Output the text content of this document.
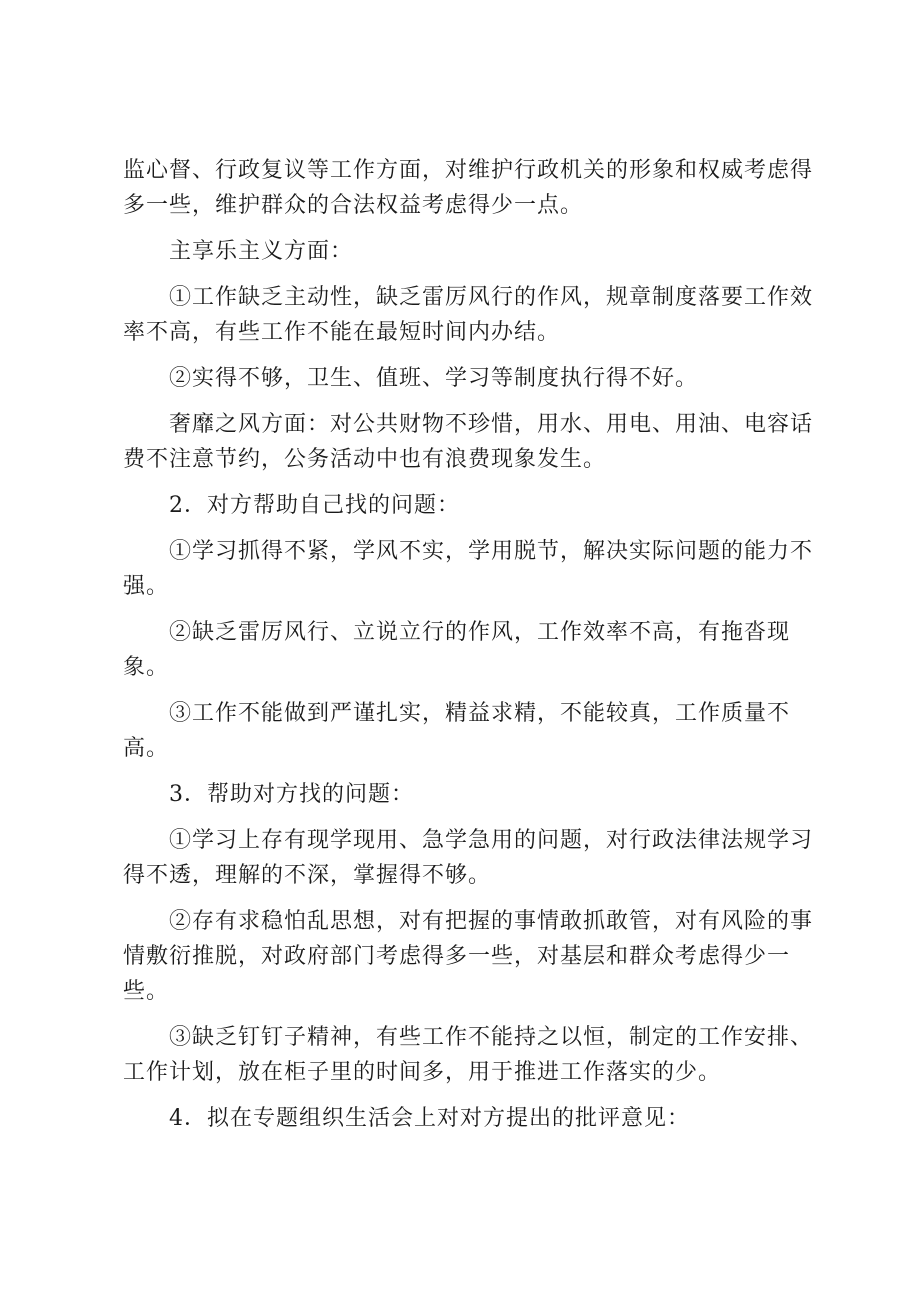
监心督、行政复议等工作方面，对维护行政机关的形象和权威考虑得多一些，维护群众的合法权益考虑得少一点。

主享乐主义方面：

①工作缺乏主动性，缺乏雷厉风行的作风，规章制度落要工作效率不高，有些工作不能在最短时间内办结。

②实得不够，卫生、值班、学习等制度执行得不好。

奢靡之风方面：对公共财物不珍惜，用水、用电、用油、电容话费不注意节约，公务活动中也有浪费现象发生。

2．对方帮助自己找的问题：

①学习抓得不紧，学风不实，学用脱节，解决实际问题的能力不强。

②缺乏雷厉风行、立说立行的作风，工作效率不高，有拖沓现象。

③工作不能做到严谨扎实，精益求精，不能较真，工作质量不高。

3．帮助对方找的问题：

①学习上存有现学现用、急学急用的问题，对行政法律法规学习得不透，理解的不深，掌握得不够。

②存有求稳怕乱思想，对有把握的事情敢抓敢管，对有风险的事情敷衍推脱，对政府部门考虑得多一些，对基层和群众考虑得少一些。

③缺乏钉钉子精神，有些工作不能持之以恒，制定的工作安排、工作计划，放在柜子里的时间多，用于推进工作落实的少。

4．拟在专题组织生活会上对对方提出的批评意见：
